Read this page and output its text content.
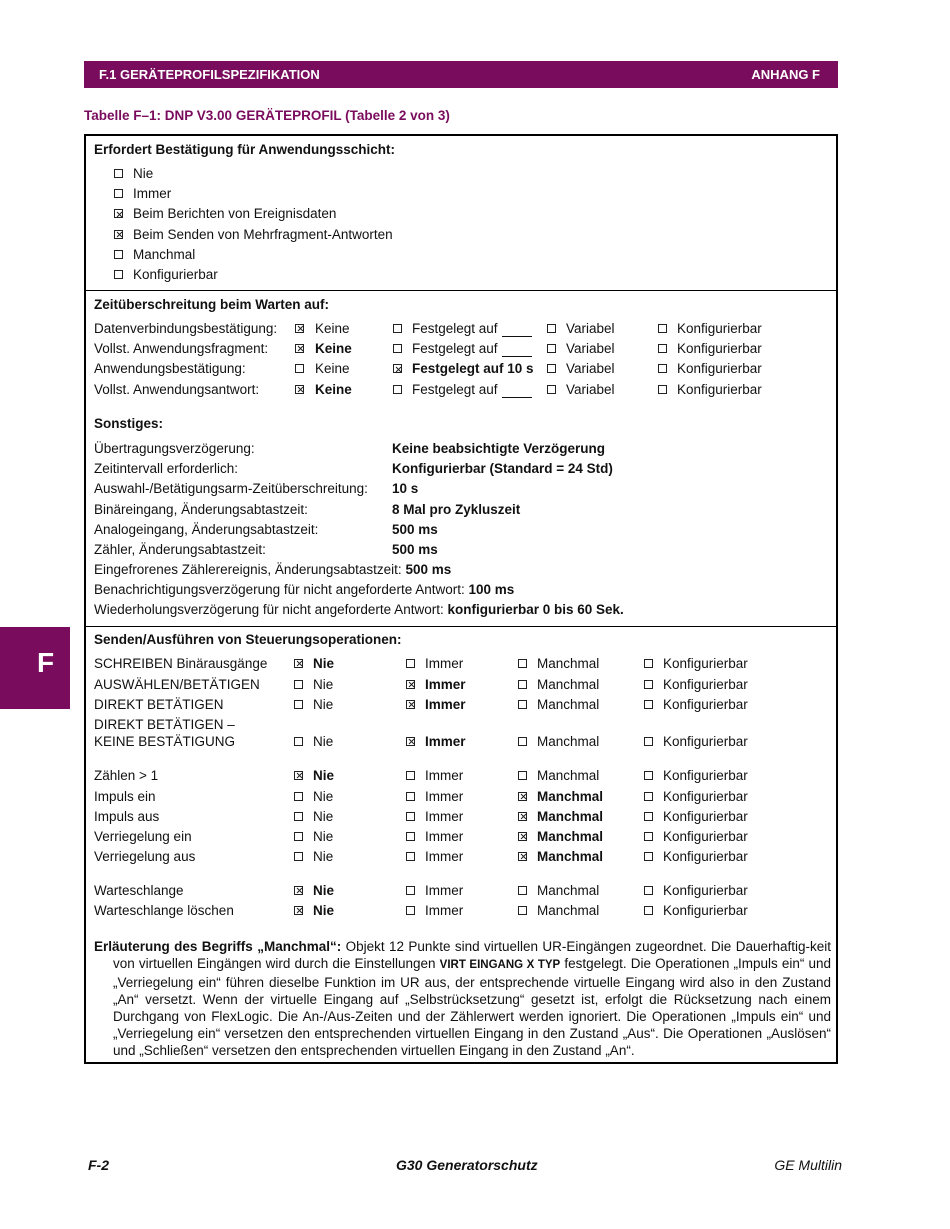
F.1 GERÄTEPROFILSPEZIFIKATION	ANHANG F
Tabelle F–1: DNP V3.00 GERÄTEPROFIL (Tabelle 2 von 3)
F
Erfordert Bestätigung für Anwendungsschicht:
Nie
Immer
Beim Berichten von Ereignisdaten
Beim Senden von Mehrfragment-Antworten
Manchmal
Konfigurierbar
Zeitüberschreitung beim Warten auf:
Datenverbindungsbestätigung:	Keine	Festgelegt auf	Variabel	Konfigurierbar
Vollst. Anwendungsfragment:	Keine	Festgelegt auf	Variabel	Konfigurierbar
Anwendungsbestätigung:	Keine	Festgelegt auf 10 s Variabel	Konfigurierbar
Vollst. Anwendungsantwort:	Keine	Festgelegt auf	Variabel	Konfigurierbar
Sonstiges:
Übertragungsverzögerung:	Keine beabsichtigte Verzögerung
Zeitintervall erforderlich:	Konfigurierbar (Standard = 24 Std)
Auswahl-/Betätigungsarm-Zeitüberschreitung: 10 s
Binäreingang, Änderungsabtastzeit:	8 Mal pro Zykluszeit
Analogeingang, Änderungsabtastzeit:	500 ms
Zähler, Änderungsabtastzeit:	500 ms
Eingefrorenes Zählerereignis, Änderungsabtastzeit: 500 ms
Benachrichtigungsverzögerung für nicht angeforderte Antwort: 100 ms
Wiederholungsverzögerung für nicht angeforderte Antwort: konfigurierbar 0 bis 60 Sek.
Senden/Ausführen von Steuerungsoperationen:
SCHREIBEN Binärausgänge	Nie	Immer	Manchmal	Konfigurierbar
AUSWÄHLEN/BETÄTIGEN	Nie	Immer	Manchmal	Konfigurierbar
DIREKT BETÄTIGEN	Nie	Immer	Manchmal	Konfigurierbar
DIREKT BETÄTIGEN –
KEINE BESTÄTIGUNG	Nie	Immer	Manchmal	Konfigurierbar
Zählen > 1	Nie	Immer	Manchmal	Konfigurierbar
Impuls ein	Nie	Immer	Manchmal	Konfigurierbar
Impuls aus	Nie	Immer	Manchmal	Konfigurierbar
Verriegelung ein	Nie	Immer	Manchmal	Konfigurierbar
Verriegelung aus	Nie	Immer	Manchmal	Konfigurierbar
Warteschlange	Nie	Immer	Manchmal	Konfigurierbar
Warteschlange löschen	Nie	Immer	Manchmal	Konfigurierbar

Erläuterung des Begriffs „Manchmal“: Objekt 12 Punkte sind virtuellen UR-Eingängen zugeordnet. Die Dauerhaftig-keit von virtuellen Eingängen wird durch die Einstellungen VIRT EINGANG X TYP festgelegt. Die Operationen „Impuls ein“ und „Verriegelung ein“ führen dieselbe Funktion im UR aus, der entsprechende virtuelle Eingang wird also in den Zustand „An“ versetzt. Wenn der virtuelle Eingang auf „Selbstrücksetzung“ gesetzt ist, erfolgt die Rücksetzung nach einem Durchgang von FlexLogic. Die An-/Aus-Zeiten und der Zählerwert werden ignoriert. Die Operationen „Impuls ein“ und „Verriegelung ein“ versetzen den entsprechenden virtuellen Eingang in den Zustand „Aus“. Die Operationen „Auslösen“ und „Schließen“ versetzen den entsprechenden virtuellen Eingang in den Zustand „An“.

F-2	G30 Generatorschutz	GE Multilin
